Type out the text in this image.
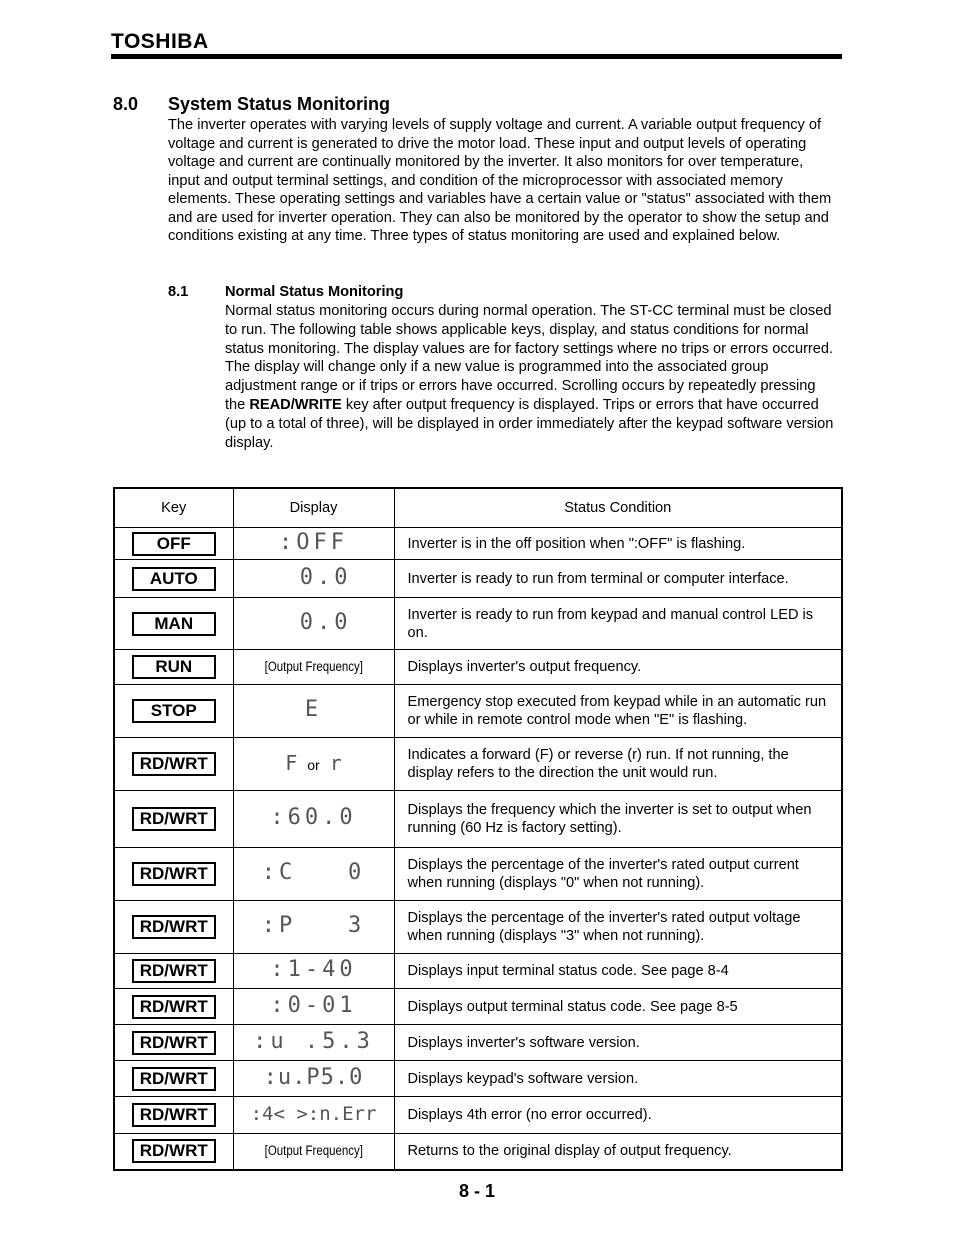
TOSHIBA
8.0 System Status Monitoring
The inverter operates with varying levels of supply voltage and current. A variable output frequency of voltage and current is generated to drive the motor load. These input and output levels of operating voltage and current are continually monitored by the inverter. It also monitors for over temperature, input and output terminal settings, and condition of the microprocessor with associated memory elements. These operating settings and variables have a certain value or "status" associated with them and are used for inverter operation. They can also be monitored by the operator to show the setup and conditions existing at any time. Three types of status monitoring are used and explained below.
8.1	Normal Status Monitoring
Normal status monitoring occurs during normal operation. The ST-CC terminal must be closed to run. The following table shows applicable keys, display, and status conditions for normal status monitoring. The display values are for factory settings where no trips or errors occurred. The display will change only if a new value is programmed into the associated group adjustment range or if trips or errors have occurred. Scrolling occurs by repeatedly pressing the READ/WRITE key after output frequency is displayed. Trips or errors that have occurred (up to a total of three), will be displayed in order immediately after the keypad software version display.
Key	Display	Status Condition
OFF	:OFF	Inverter is in the off position when ":OFF" is flashing.
AUTO	0.0	Inverter is ready to run from terminal or computer interface.
MAN	0.0	Inverter is ready to run from keypad and manual control LED is on.
RUN	[Output Frequency]	Displays inverter's output frequency.
STOP	E	Emergency stop executed from keypad while in an automatic run or while in remote control mode when "E" is flashing.
RD/WRT	F or r	Indicates a forward (F) or reverse (r) run. If not running, the display refers to the direction the unit would run.
RD/WRT	:60.0	Displays the frequency which the inverter is set to output when running (60 Hz is factory setting).
RD/WRT	:C   0	Displays the percentage of the inverter's rated output current when running (displays "0" when not running).
RD/WRT	:P   3	Displays the percentage of the inverter's rated output voltage when running (displays "3" when not running).
RD/WRT	:1-40	Displays input terminal status code. See page 8-4
RD/WRT	:0-01	Displays output terminal status code. See page 8-5
RD/WRT	:u .5.3	Displays inverter's software version.
RD/WRT	:u.P5.0	Displays keypad's software version.
RD/WRT	:4< >:n.Err	Displays 4th error (no error occurred).
RD/WRT	[Output Frequency]	Returns to the original display of output frequency.
8 - 1
